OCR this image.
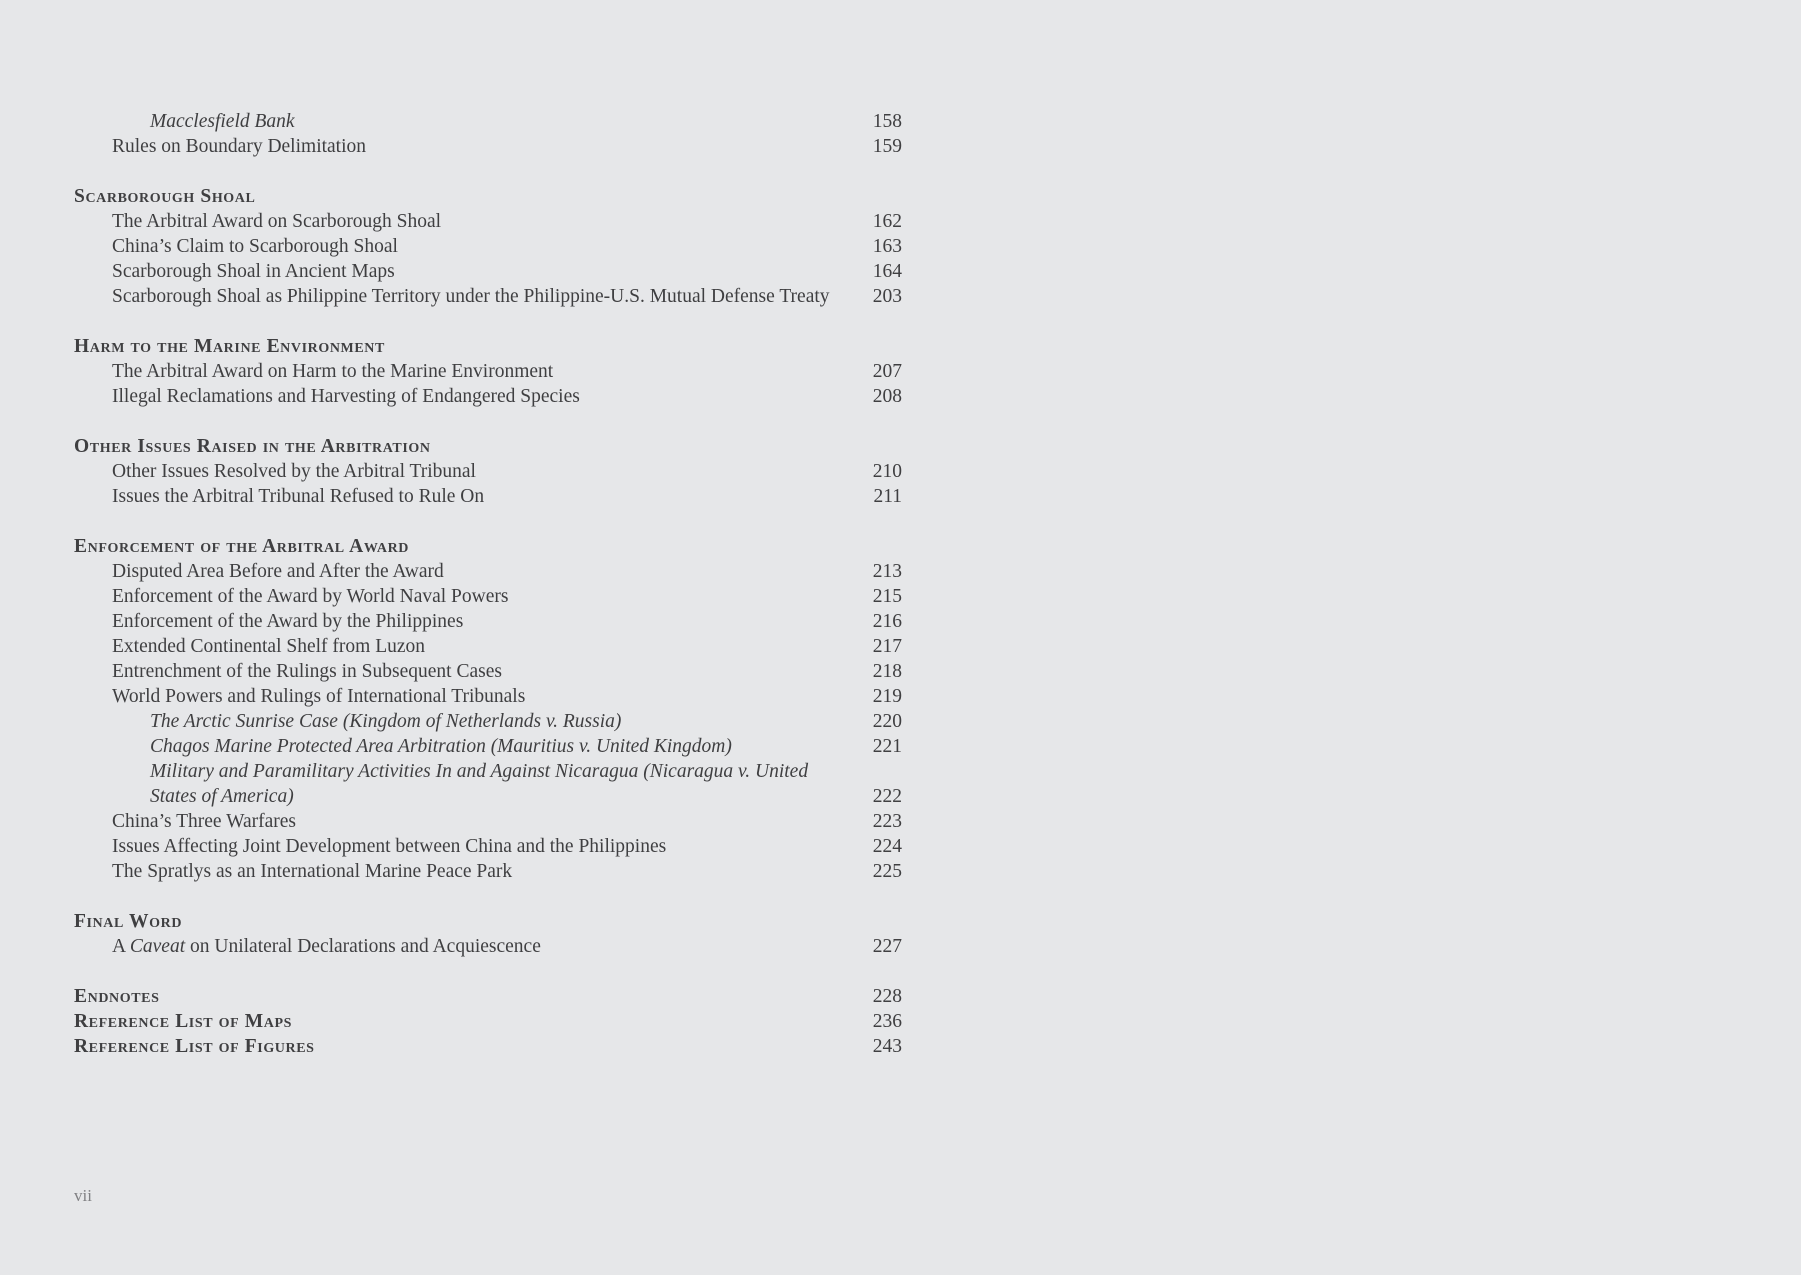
Macclesfield Bank	158
Rules on Boundary Delimitation	159
Scarborough Shoal
The Arbitral Award on Scarborough Shoal	162
China’s Claim to Scarborough Shoal	163
Scarborough Shoal in Ancient Maps	164
Scarborough Shoal as Philippine Territory under the Philippine-U.S. Mutual Defense Treaty	203
Harm to the Marine Environment
The Arbitral Award on Harm to the Marine Environment	207
Illegal Reclamations and Harvesting of Endangered Species	208
Other Issues Raised in the Arbitration
Other Issues Resolved by the Arbitral Tribunal	210
Issues the Arbitral Tribunal Refused to Rule On	211
Enforcement of the Arbitral Award
Disputed Area Before and After the Award	213
Enforcement of the Award by World Naval Powers	215
Enforcement of the Award by the Philippines	216
Extended Continental Shelf from Luzon	217
Entrenchment of the Rulings in Subsequent Cases	218
World Powers and Rulings of International Tribunals	219
The Arctic Sunrise Case (Kingdom of Netherlands v. Russia)	220
Chagos Marine Protected Area Arbitration (Mauritius v. United Kingdom)	221
Military and Paramilitary Activities In and Against Nicaragua (Nicaragua v. United States of America)	222
China’s Three Warfares	223
Issues Affecting Joint Development between China and the Philippines	224
The Spratlys as an International Marine Peace Park	225
Final Word
A Caveat on Unilateral Declarations and Acquiescence	227
Endnotes	228
Reference List of Maps	236
Reference List of Figures	243
vii
